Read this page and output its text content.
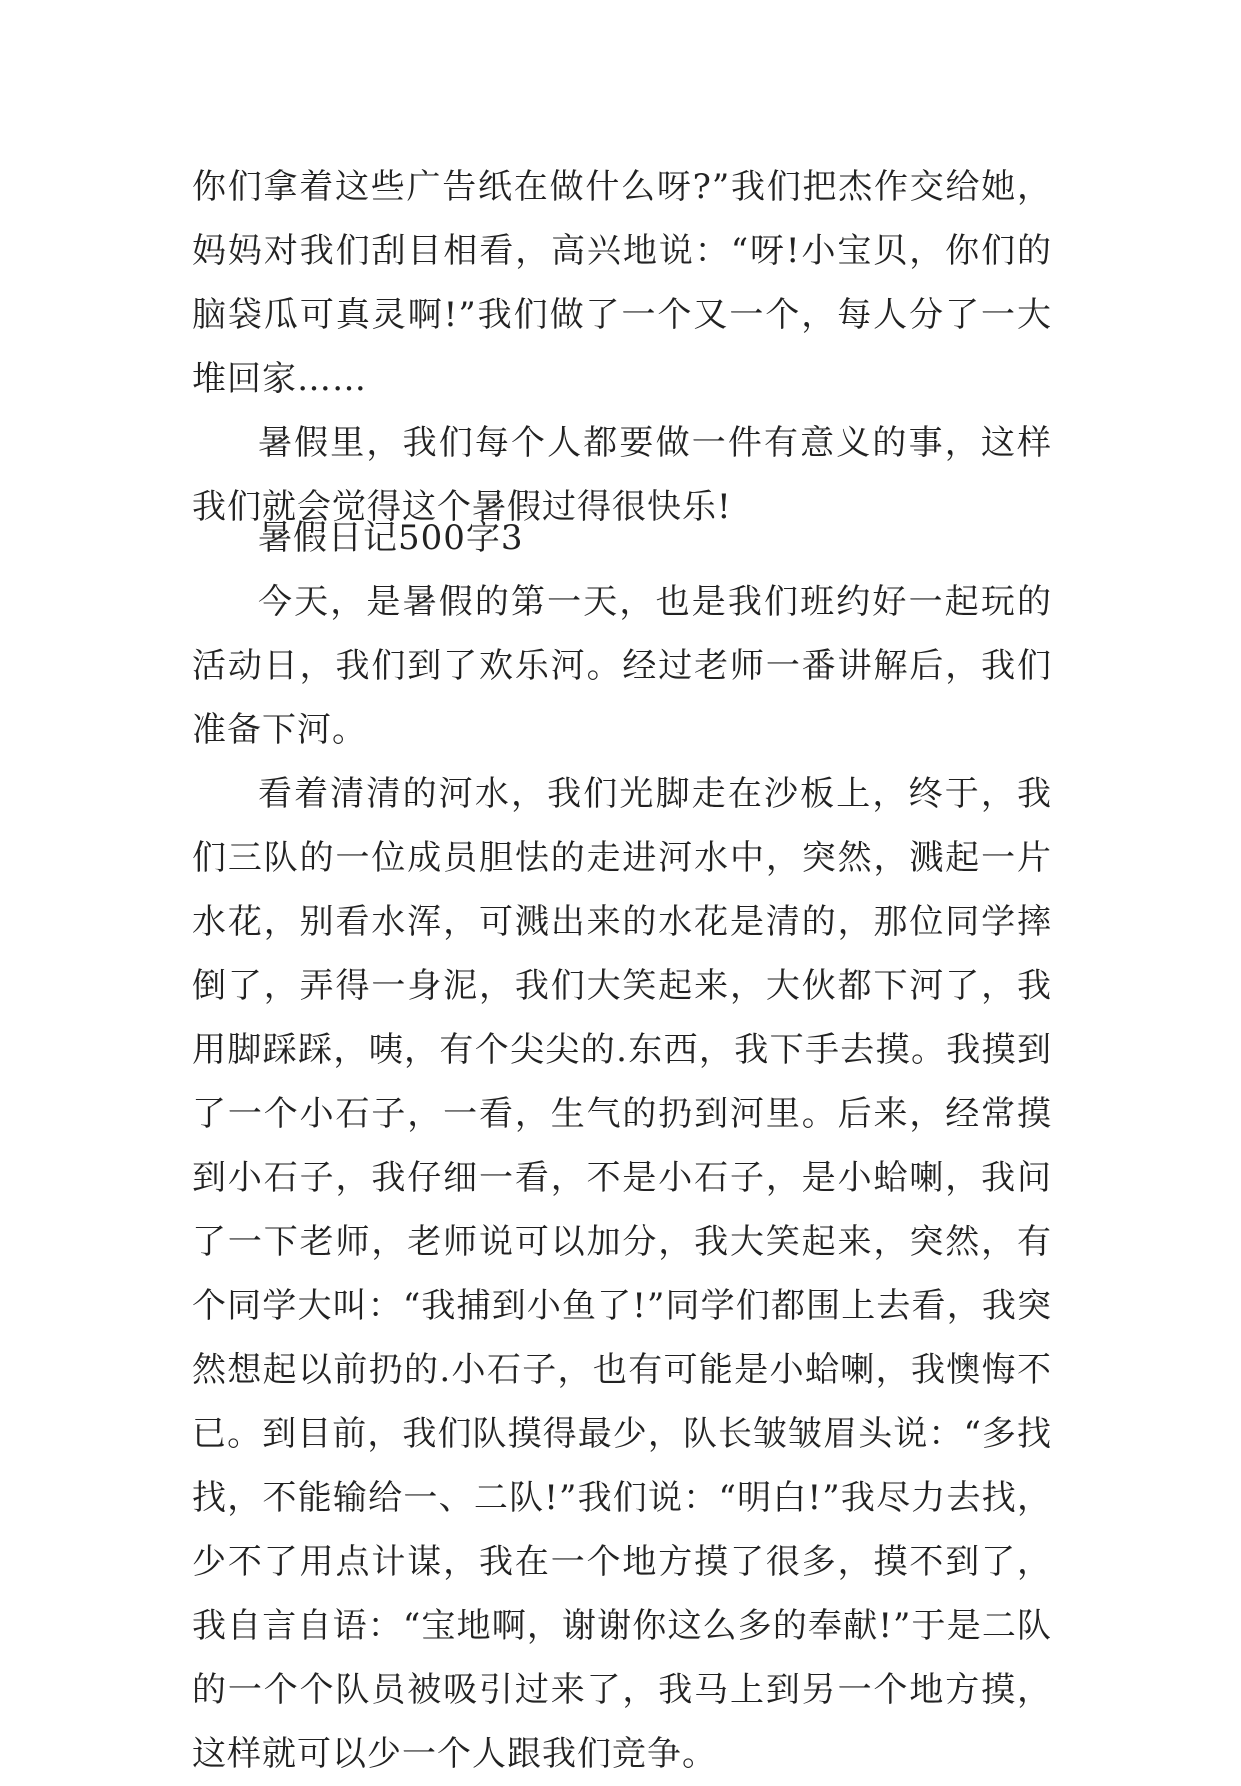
你们拿着这些广告纸在做什么呀?”我们把杰作交给她，妈妈对我们刮目相看，高兴地说：“呀!小宝贝，你们的脑袋瓜可真灵啊!”我们做了一个又一个，每人分了一大堆回家……

暑假里，我们每个人都要做一件有意义的事，这样我们就会觉得这个暑假过得很快乐!

暑假日记500字3

今天，是暑假的第一天，也是我们班约好一起玩的活动日，我们到了欢乐河。经过老师一番讲解后，我们准备下河。

看着清清的河水，我们光脚走在沙板上，终于，我们三队的一位成员胆怯的走进河水中，突然，溅起一片水花，别看水浑，可溅出来的水花是清的，那位同学摔倒了，弄得一身泥，我们大笑起来，大伙都下河了，我用脚踩踩，咦，有个尖尖的.东西，我下手去摸。我摸到了一个小石子，一看，生气的扔到河里。后来，经常摸到小石子，我仔细一看，不是小石子，是小蛤喇，我问了一下老师，老师说可以加分，我大笑起来，突然，有个同学大叫：“我捕到小鱼了!”同学们都围上去看，我突然想起以前扔的.小石子，也有可能是小蛤喇，我懊悔不已。到目前，我们队摸得最少，队长皱皱眉头说：“多找找，不能输给一、二队!”我们说：“明白!”我尽力去找，少不了用点计谋，我在一个地方摸了很多，摸不到了，我自言自语：“宝地啊，谢谢你这么多的奉献!”于是二队的一个个队员被吸引过来了，我马上到另一个地方摸，这样就可以少一个人跟我们竞争。
